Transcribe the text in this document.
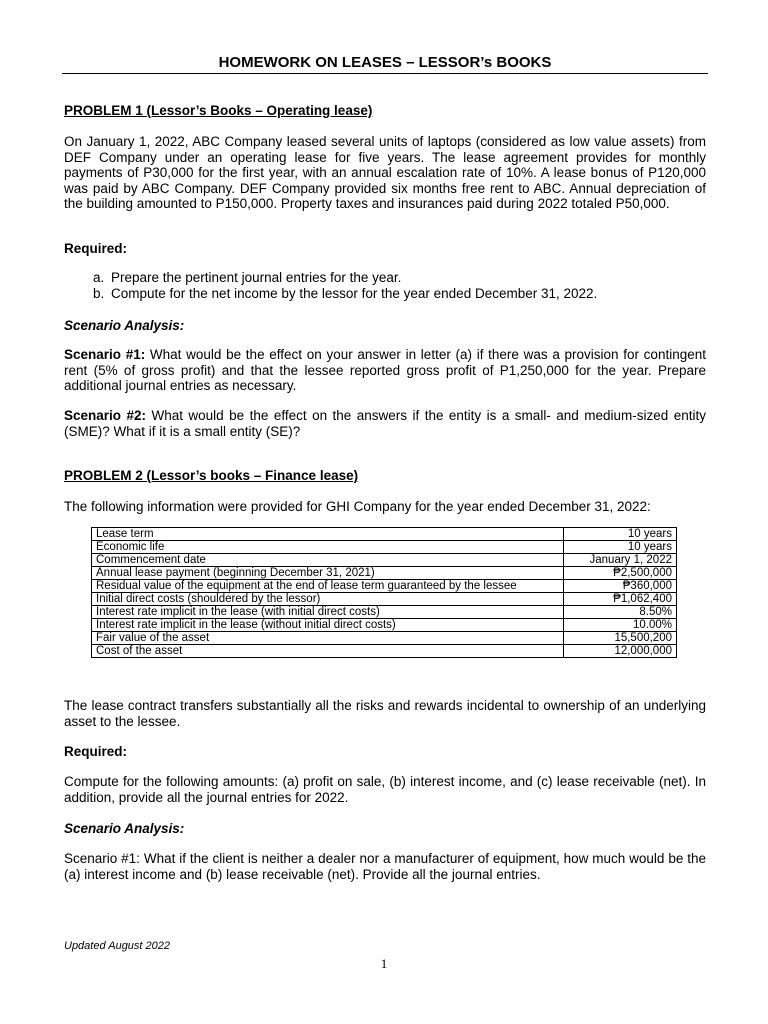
HOMEWORK ON LEASES – LESSOR’s BOOKS
PROBLEM 1 (Lessor’s Books – Operating lease)
On January 1, 2022, ABC Company leased several units of laptops (considered as low value assets) from DEF Company under an operating lease for five years. The lease agreement provides for monthly payments of P30,000 for the first year, with an annual escalation rate of 10%. A lease bonus of P120,000 was paid by ABC Company. DEF Company provided six months free rent to ABC. Annual depreciation of the building amounted to P150,000. Property taxes and insurances paid during 2022 totaled P50,000.
Required:
a. Prepare the pertinent journal entries for the year.
b. Compute for the net income by the lessor for the year ended December 31, 2022.
Scenario Analysis:
Scenario #1: What would be the effect on your answer in letter (a) if there was a provision for contingent rent (5% of gross profit) and that the lessee reported gross profit of P1,250,000 for the year. Prepare additional journal entries as necessary.
Scenario #2: What would be the effect on the answers if the entity is a small- and medium-sized entity (SME)? What if it is a small entity (SE)?
PROBLEM 2 (Lessor’s books – Finance lease)
The following information were provided for GHI Company for the year ended December 31, 2022:
Lease term	10 years
Economic life	10 years
Commencement date	January 1, 2022
Annual lease payment (beginning December 31, 2021)	₱2,500,000
Residual value of the equipment at the end of lease term guaranteed by the lessee	₱360,000
Initial direct costs (shouldered by the lessor)	₱1,062,400
Interest rate implicit in the lease (with initial direct costs)	8.50%
Interest rate implicit in the lease (without initial direct costs)	10.00%
Fair value of the asset	15,500,200
Cost of the asset	12,000,000
The lease contract transfers substantially all the risks and rewards incidental to ownership of an underlying asset to the lessee.
Required:
Compute for the following amounts: (a) profit on sale, (b) interest income, and (c) lease receivable (net). In addition, provide all the journal entries for 2022.
Scenario Analysis:
Scenario #1: What if the client is neither a dealer nor a manufacturer of equipment, how much would be the (a) interest income and (b) lease receivable (net). Provide all the journal entries.
Updated August 2022
1
